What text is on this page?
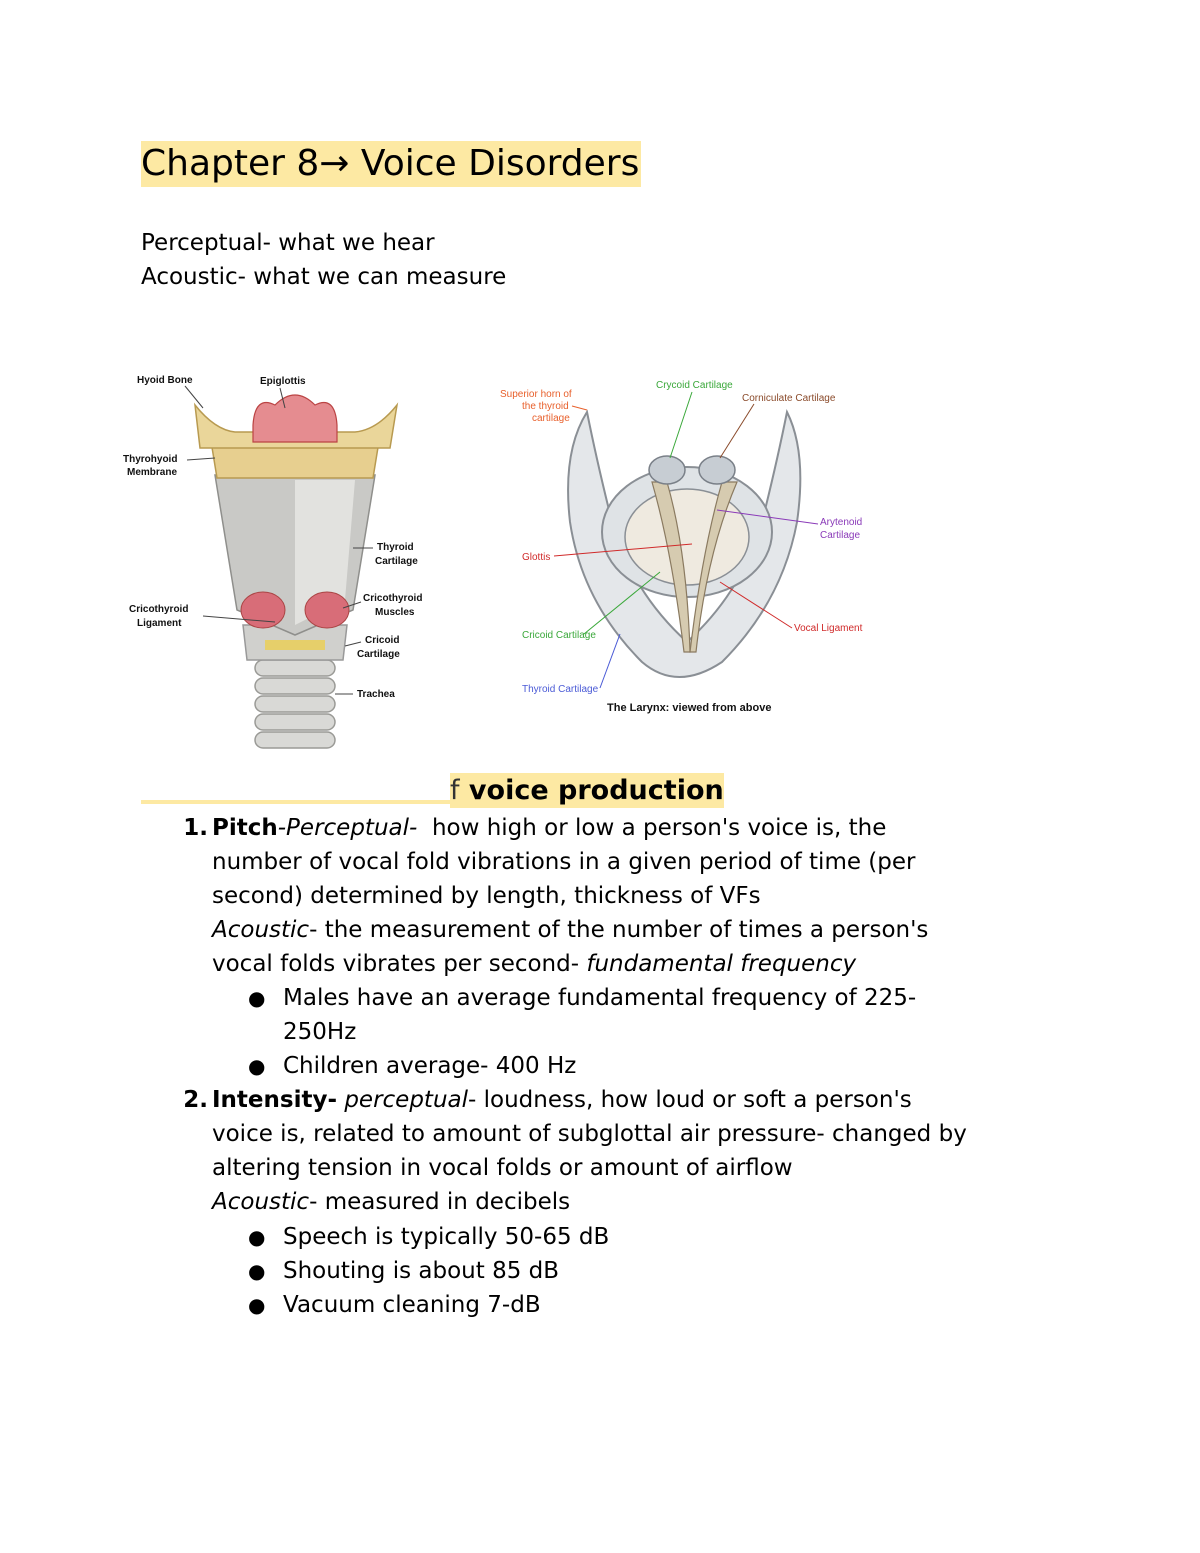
Chapter 8→ Voice Disorders
Perceptual- what we hear
Acoustic- what we can measure
Hyoid Bone	Epiglottis
Thyrohyoid
Membrane
Thyroid
Cartilage
Cricothyroid
Ligament
Cricothyroid
Muscles
Cricoid
Cartilage
Trachea
Superior horn of
the thyroid
cartilage
Crycoid Cartilage
Corniculate Cartilage
Arytenoid
Cartilage
Glottis
Cricoid Cartilage
Vocal Ligament
Thyroid Cartilage
The Larynx: viewed from above
f voice production
1. Pitch-Perceptual- how high or low a person's voice is, the
number of vocal fold vibrations in a given period of time (per
second) determined by length, thickness of VFs
Acoustic- the measurement of the number of times a person's
vocal folds vibrates per second- fundamental frequency
● Males have an average fundamental frequency of 225-
250Hz
● Children average- 400 Hz
2. Intensity- perceptual- loudness, how loud or soft a person's
voice is, related to amount of subglottal air pressure- changed by
altering tension in vocal folds or amount of airflow
Acoustic- measured in decibels
● Speech is typically 50-65 dB
● Shouting is about 85 dB
● Vacuum cleaning 7-dB
